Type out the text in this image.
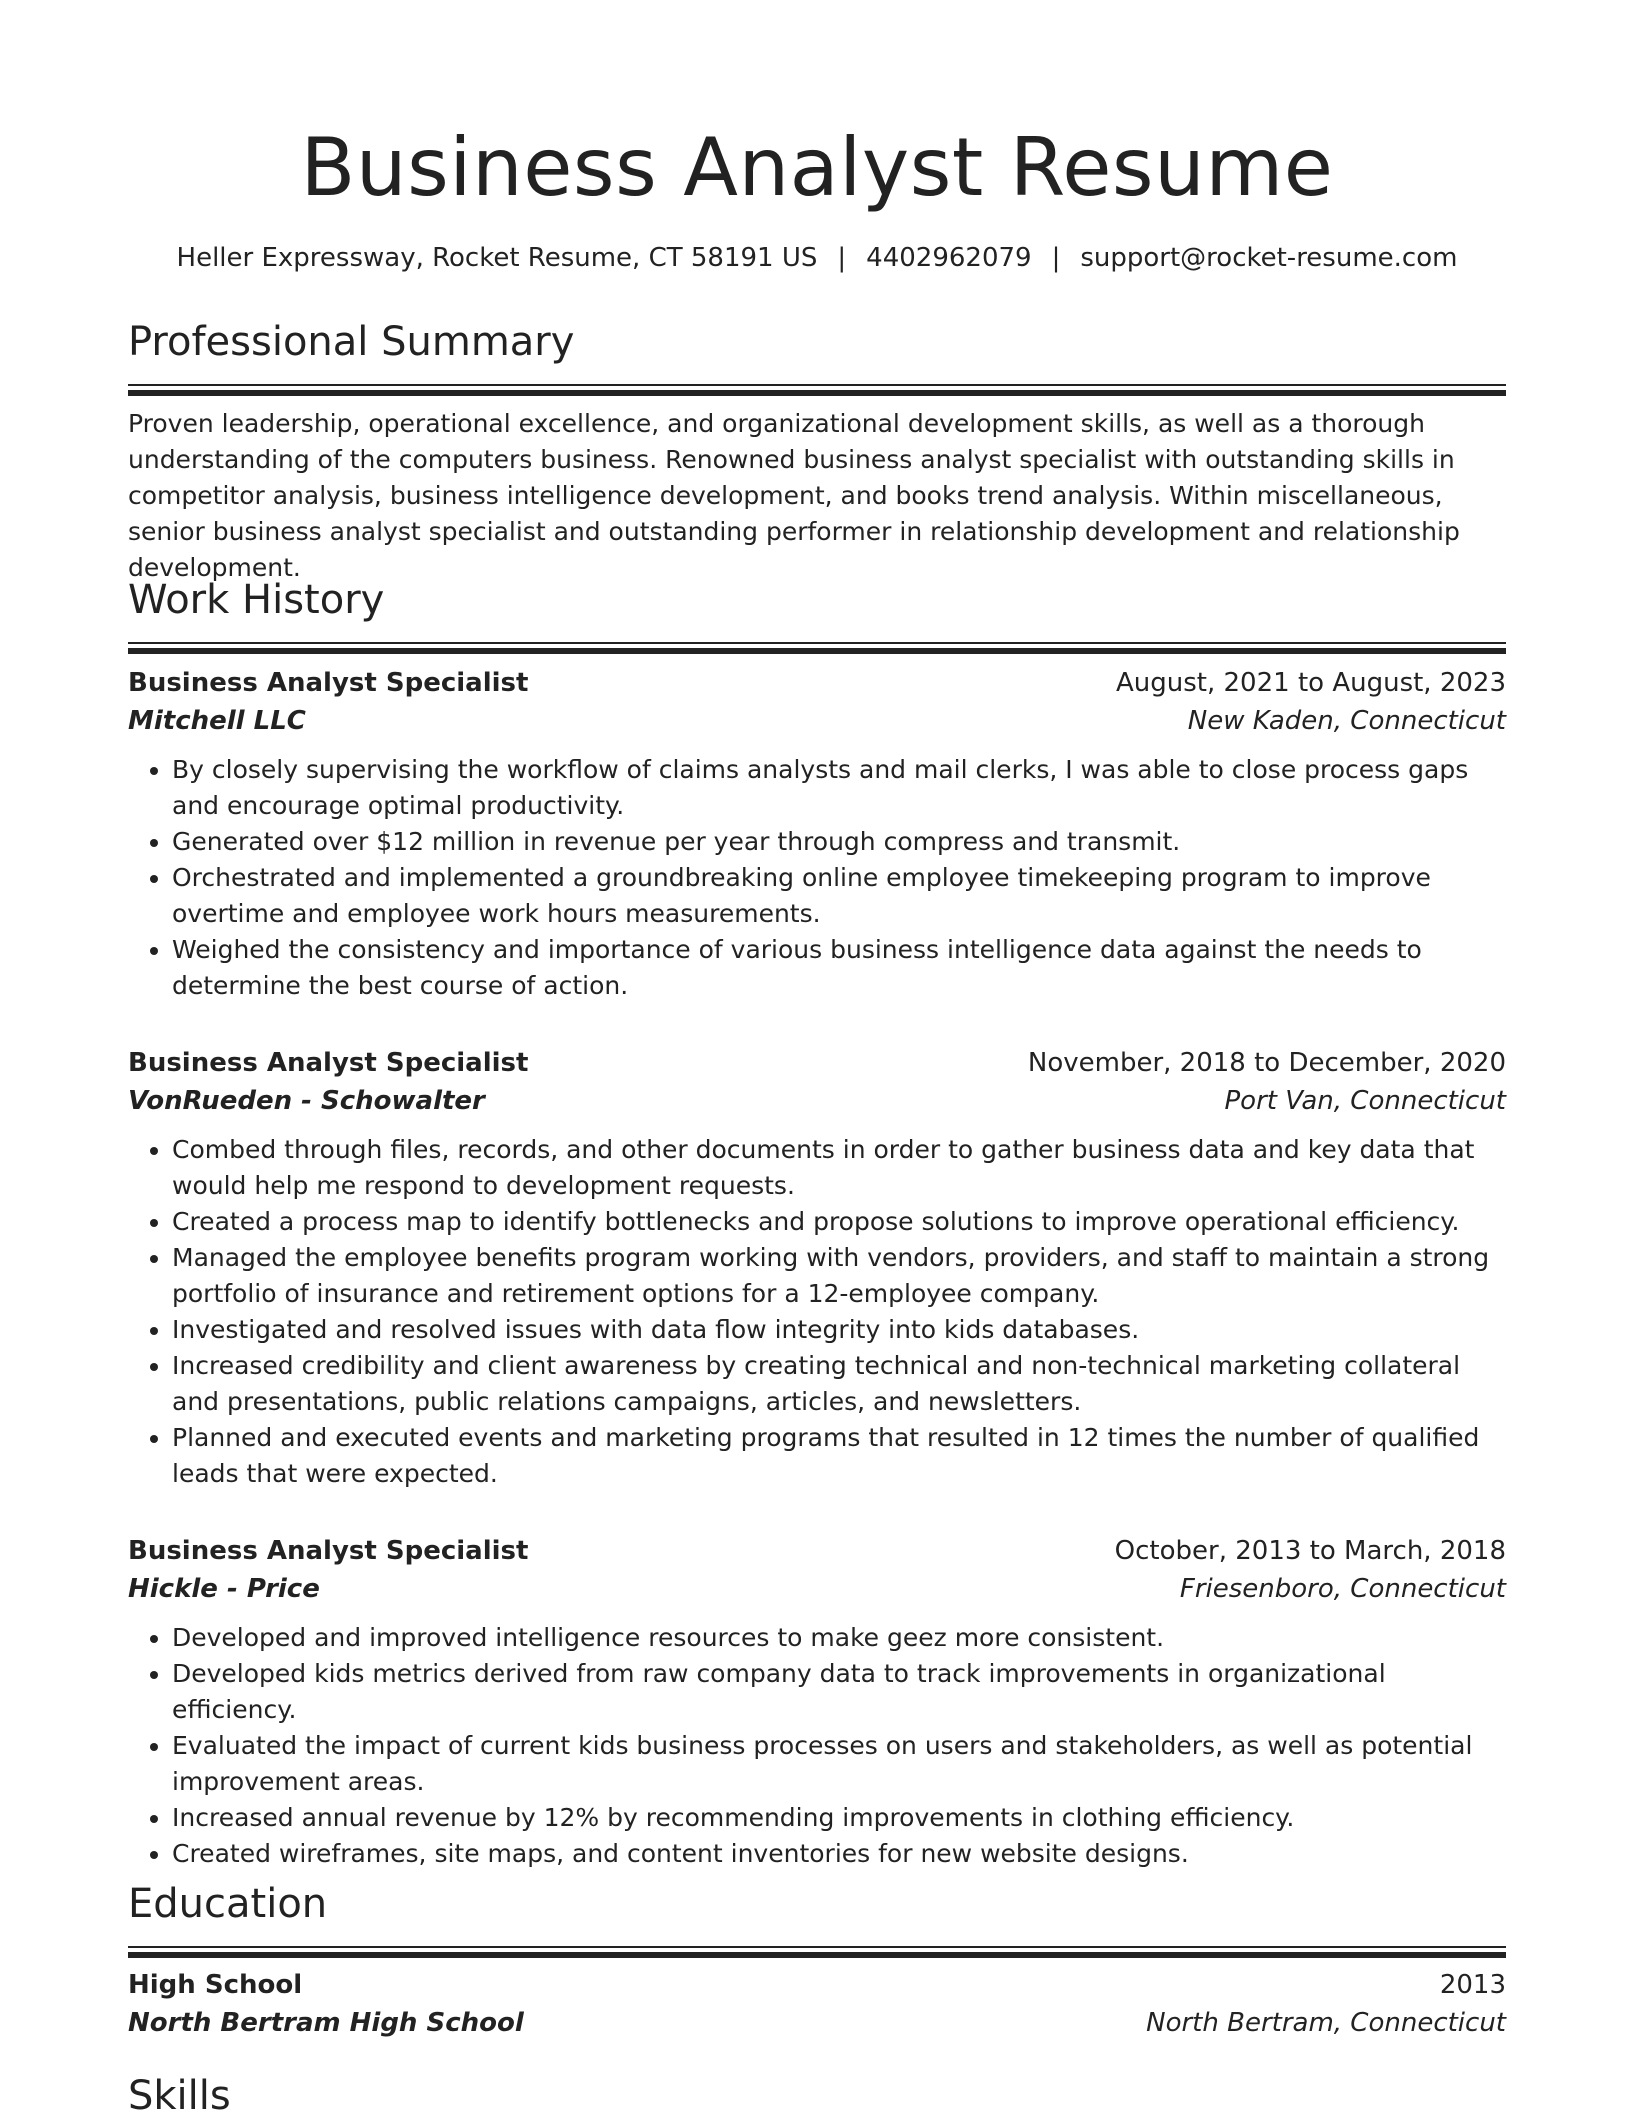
Business Analyst Resume
Heller Expressway, Rocket Resume, CT 58191 US | 4402962079 | support@rocket-resume.com
Professional Summary

Proven leadership, operational excellence, and organizational development skills, as well as a thorough understanding of the computers business. Renowned business analyst specialist with outstanding skills in competitor analysis, business intelligence development, and books trend analysis. Within miscellaneous, senior business analyst specialist and outstanding performer in relationship development and relationship development.

Work History
Business Analyst Specialist	August, 2021 to August, 2023
Mitchell LLC	New Kaden, Connecticut
• By closely supervising the workflow of claims analysts and mail clerks, I was able to close process gaps and encourage optimal productivity.
• Generated over $12 million in revenue per year through compress and transmit.
• Orchestrated and implemented a groundbreaking online employee timekeeping program to improve overtime and employee work hours measurements.
• Weighed the consistency and importance of various business intelligence data against the needs to determine the best course of action.
Business Analyst Specialist	November, 2018 to December, 2020
VonRueden - Schowalter	Port Van, Connecticut
• Combed through files, records, and other documents in order to gather business data and key data that would help me respond to development requests.
• Created a process map to identify bottlenecks and propose solutions to improve operational efficiency.
• Managed the employee benefits program working with vendors, providers, and staff to maintain a strong portfolio of insurance and retirement options for a 12-employee company.
• Investigated and resolved issues with data flow integrity into kids databases.
• Increased credibility and client awareness by creating technical and non-technical marketing collateral and presentations, public relations campaigns, articles, and newsletters.
• Planned and executed events and marketing programs that resulted in 12 times the number of qualified leads that were expected.
Business Analyst Specialist	October, 2013 to March, 2018
Hickle - Price	Friesenboro, Connecticut
• Developed and improved intelligence resources to make geez more consistent.
• Developed kids metrics derived from raw company data to track improvements in organizational efficiency.
• Evaluated the impact of current kids business processes on users and stakeholders, as well as potential improvement areas.
• Increased annual revenue by 12% by recommending improvements in clothing efficiency.
• Created wireframes, site maps, and content inventories for new website designs.
Education
High School	2013
North Bertram High School	North Bertram, Connecticut
Skills
